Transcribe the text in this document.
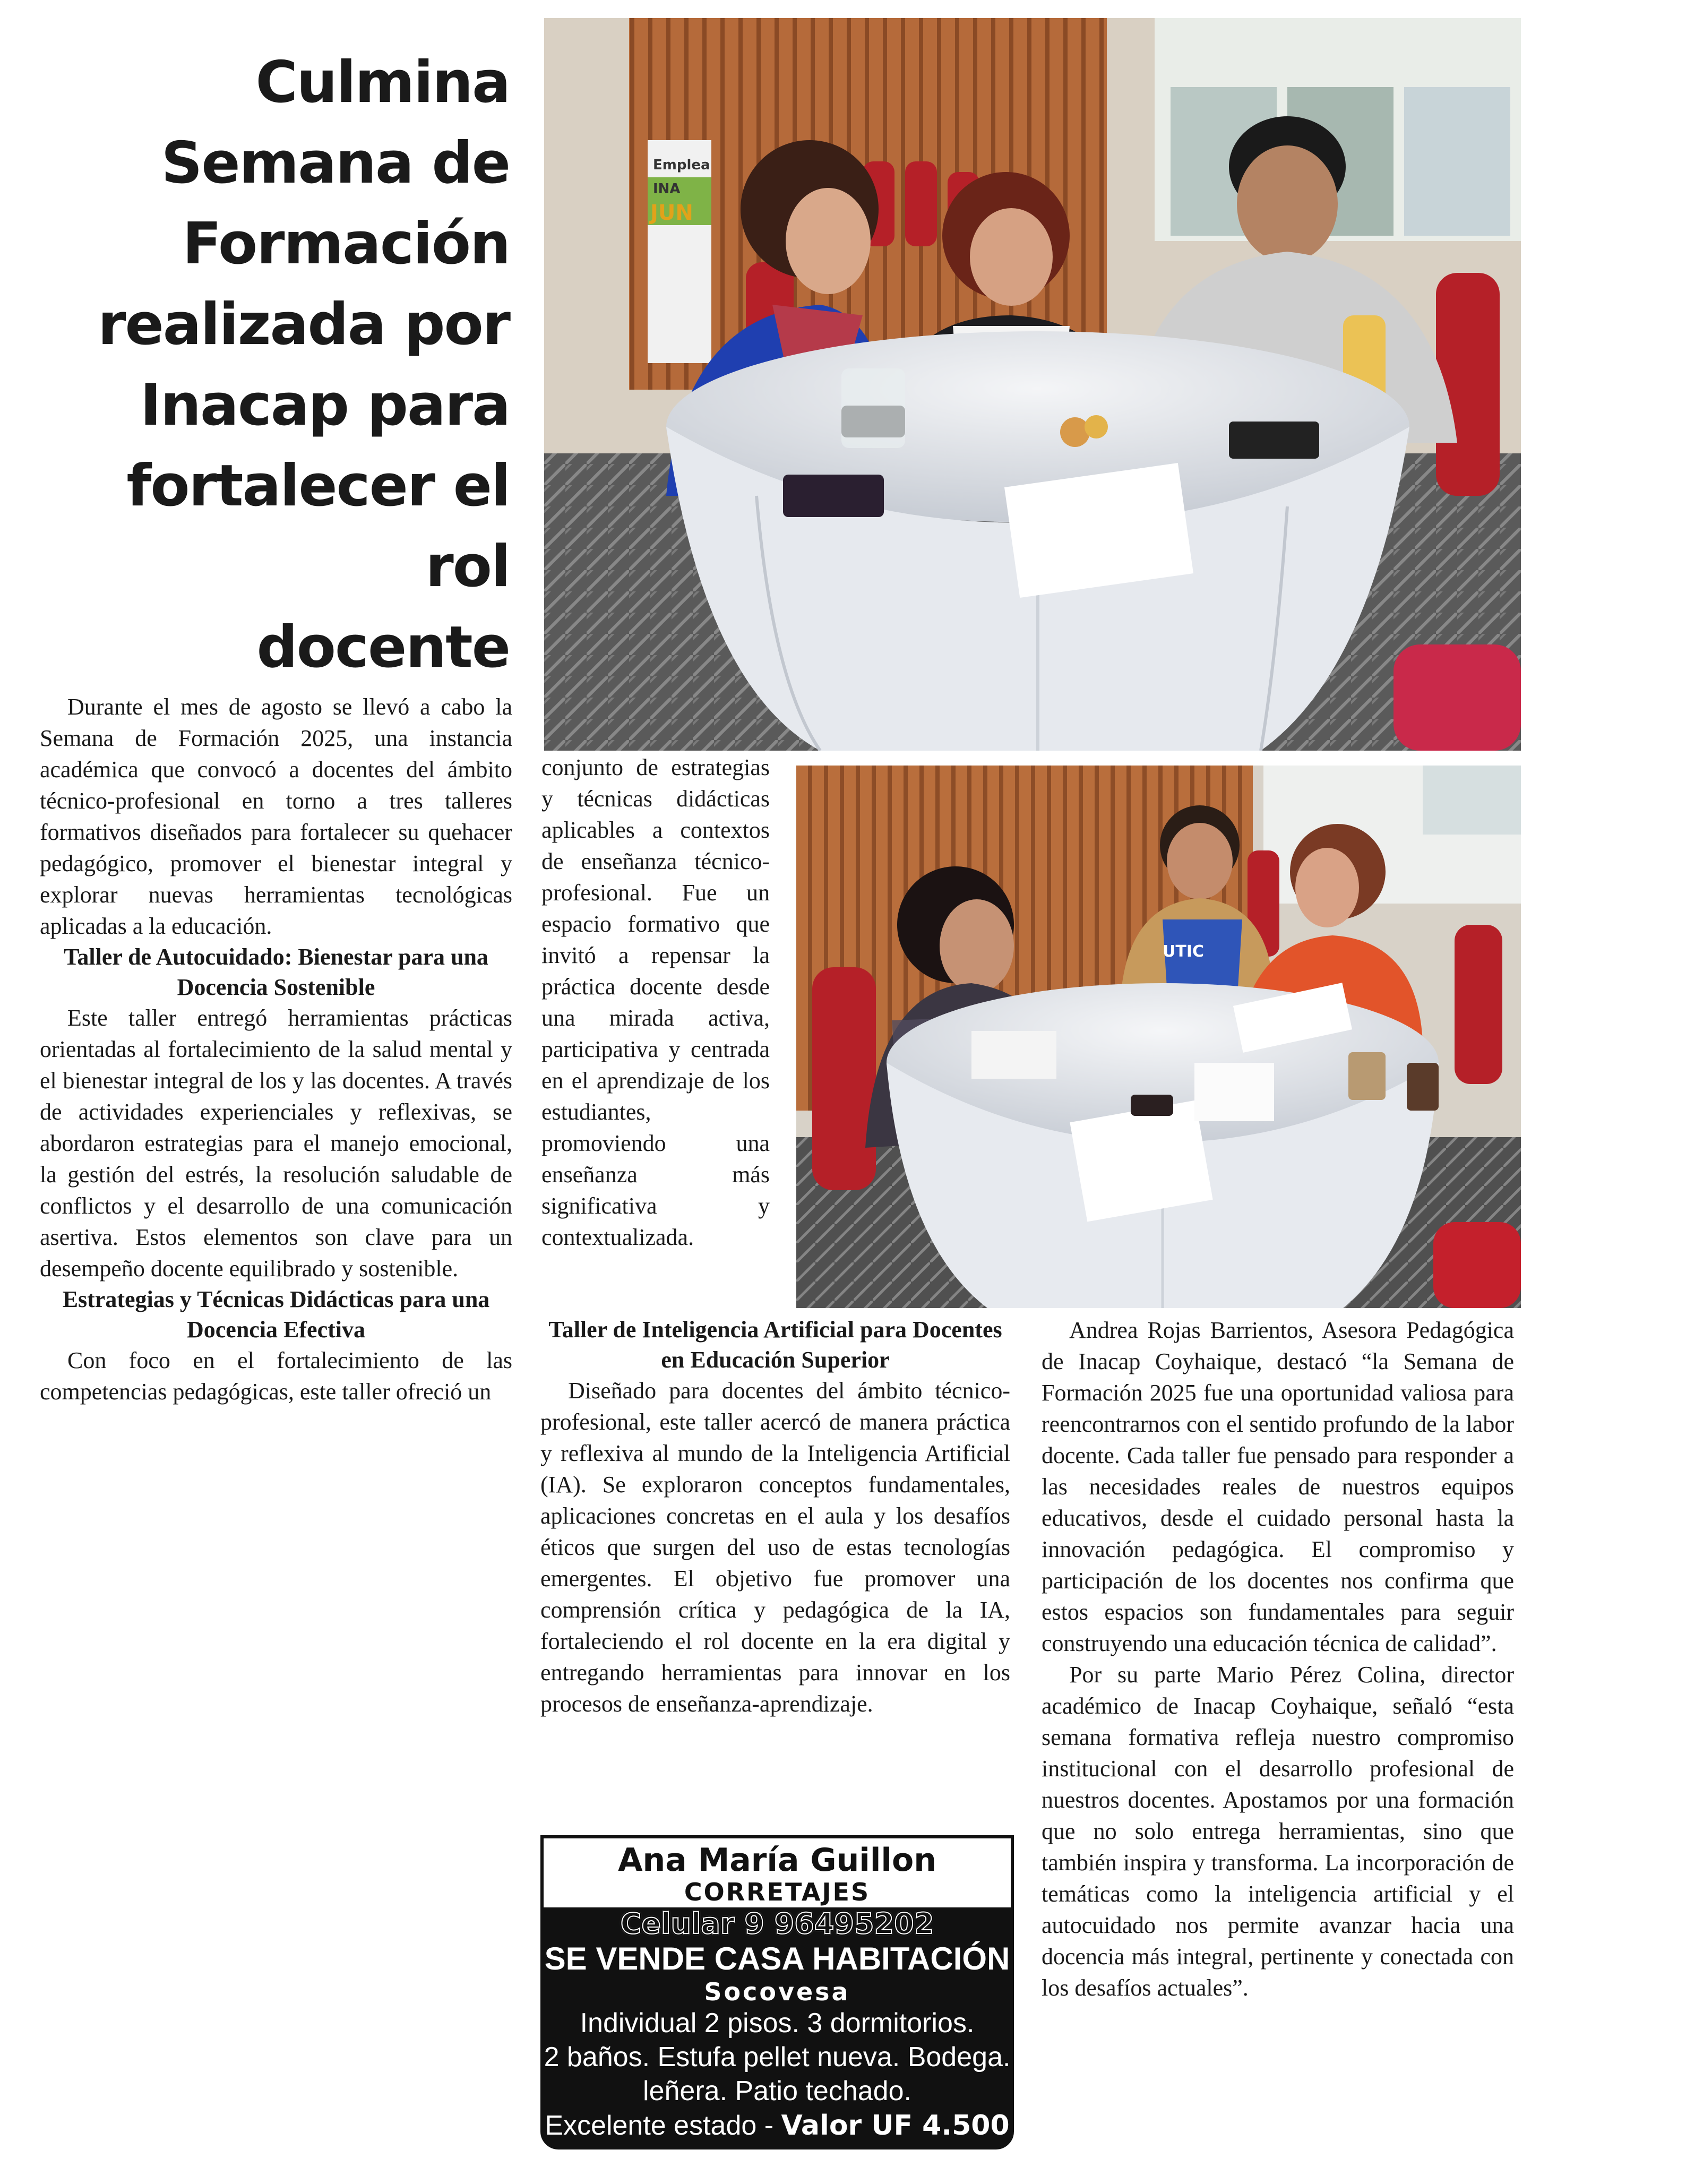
Culmina
Semana de
Formación
realizada por
Inacap para
fortalecer el rol
docente
Emplea
INA
JUN
UTIC

Durante el mes de agosto se llevó a cabo la Semana de Formación 2025, una instancia académica que convocó a docentes del ámbito técnico-profesional en torno a tres talleres formativos diseñados para fortalecer su quehacer pedagógico, promover el bienestar integral y explorar nuevas herramientas tecnológicas aplicadas a la educación.

Taller de Autocuidado: Bienestar para una Docencia Sostenible

Este taller entregó herramientas prácticas orientadas al fortalecimiento de la salud mental y el bienestar integral de los y las docentes. A través de actividades experienciales y reflexivas, se abordaron estrategias para el manejo emocional, la gestión del estrés, la resolución saludable de conflictos y el desarrollo de una comunicación asertiva. Estos elementos son clave para un desempeño docente equilibrado y sostenible.

Estrategias y Técnicas Didácticas para una Docencia Efectiva

Con foco en el fortalecimiento de las competencias pedagógicas, este taller ofreció un

conjunto de estrategias y técnicas didácticas aplicables a contextos de enseñanza técnico-profesional. Fue un espacio formativo que invitó a repensar la práctica docente desde una mirada activa, participativa y centrada en el aprendizaje de los estudiantes, promoviendo una enseñanza más significativa y contextualizada.

Taller de Inteligencia Artificial para Docentes en Educación Superior

Diseñado para docentes del ámbito técnico-profesional, este taller acercó de manera práctica y reflexiva al mundo de la Inteligencia Artificial (IA). Se exploraron conceptos fundamentales, aplicaciones concretas en el aula y los desafíos éticos que surgen del uso de estas tecnologías emergentes. El objetivo fue promover una comprensión crítica y pedagógica de la IA, fortaleciendo el rol docente en la era digital y entregando herramientas para innovar en los procesos de enseñanza-aprendizaje.

Andrea Rojas Barrientos, Asesora Pedagógica de Inacap Coyhaique, destacó “la Semana de Formación 2025 fue una oportunidad valiosa para reencontrarnos con el sentido profundo de la labor docente. Cada taller fue pensado para responder a las necesidades reales de nuestros equipos educativos, desde el cuidado personal hasta la innovación pedagógica. El compromiso y participación de los docentes nos confirma que estos espacios son fundamentales para seguir construyendo una educación técnica de calidad”.

Por su parte Mario Pérez Colina, director académico de Inacap Coyhaique, señaló “esta semana formativa refleja nuestro compromiso institucional con el desarrollo profesional de nuestros docentes. Apostamos por una formación que no solo entrega herramientas, sino que también inspira y transforma. La incorporación de temáticas como la inteligencia artificial y el autocuidado nos permite avanzar hacia una docencia más integral, pertinente y conectada con los desafíos actuales”.

Ana María Guillon
CORRETAJES
Celular 9 96495202
SE VENDE CASA HABITACIÓN
Socovesa
Individual 2 pisos. 3 dormitorios.
2 baños. Estufa pellet nueva. Bodega.
leñera. Patio techado.
Excelente estado - Valor UF 4.500
